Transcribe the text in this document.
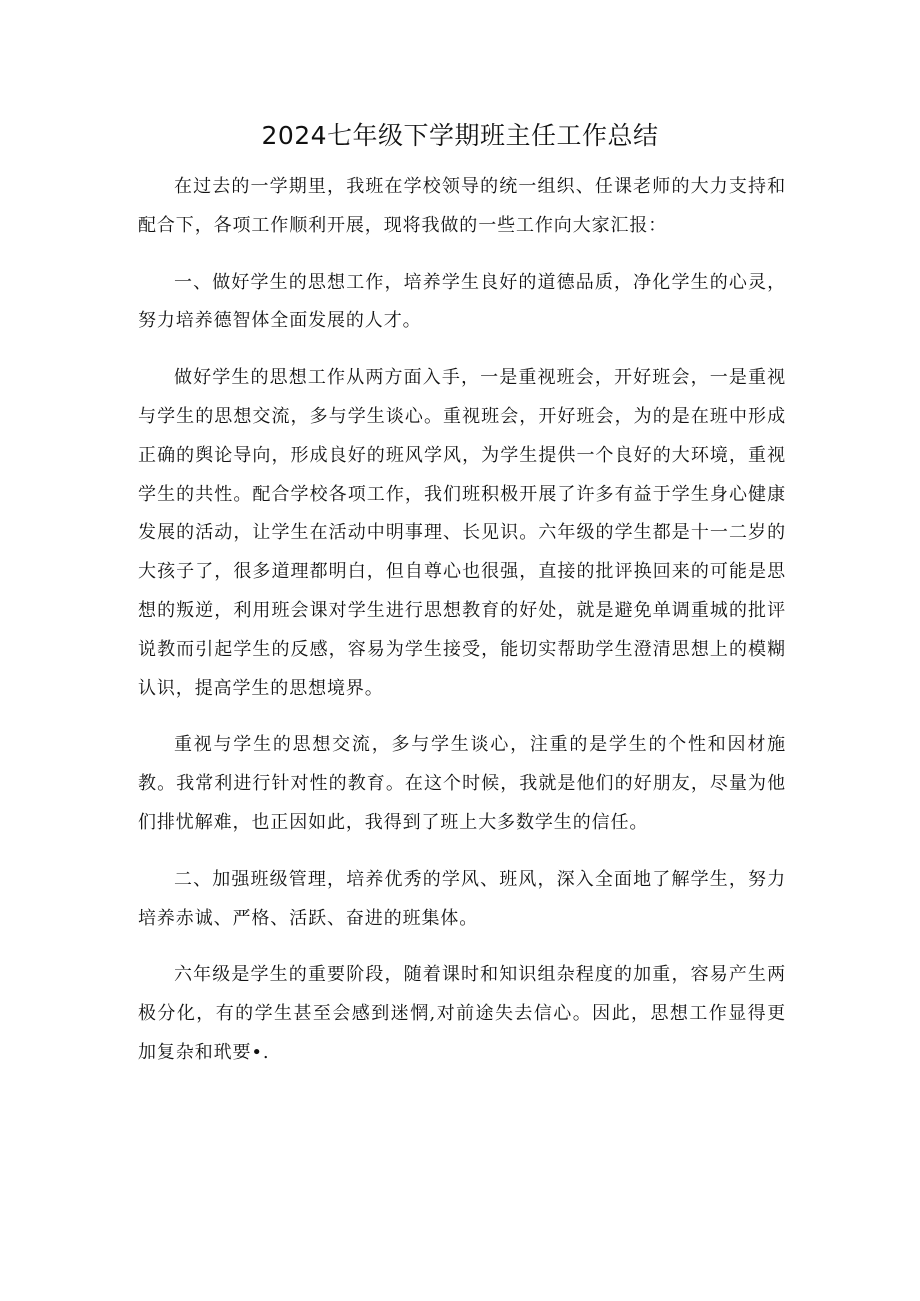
2024七年级下学期班主任工作总结

在过去的一学期里，我班在学校领导的统一组织、任课老师的大力支持和配合下，各项工作顺利开展，现将我做的一些工作向大家汇报：

一、做好学生的思想工作，培养学生良好的道德品质，净化学生的心灵，努力培养德智体全面发展的人才。

做好学生的思想工作从两方面入手，一是重视班会，开好班会，一是重视与学生的思想交流，多与学生谈心。重视班会，开好班会，为的是在班中形成正确的舆论导向，形成良好的班风学风，为学生提供一个良好的大环境，重视学生的共性。配合学校各项工作，我们班积极开展了许多有益于学生身心健康发展的活动，让学生在活动中明事理、长见识。六年级的学生都是十一二岁的大孩子了，很多道理都明白，但自尊心也很强，直接的批评换回来的可能是思想的叛逆，利用班会课对学生进行思想教育的好处，就是避免单调重城的批评说教而引起学生的反感，容易为学生接受，能切实帮助学生澄清思想上的模糊认识，提高学生的思想境界。

重视与学生的思想交流，多与学生谈心，注重的是学生的个性和因材施教。我常利进行针对性的教育。在这个时候，我就是他们的好朋友，尽量为他们排忧解难，也正因如此，我得到了班上大多数学生的信任。

二、加强班级管理，培养优秀的学风、班风，深入全面地了解学生，努力培养赤诚、严格、活跃、奋进的班集体。

六年级是学生的重要阶段，随着课时和知识组杂程度的加重，容易产生两极分化，有的学生甚至会感到迷惘,对前途失去信心。因此，思想工作显得更加复杂和玳要•.
